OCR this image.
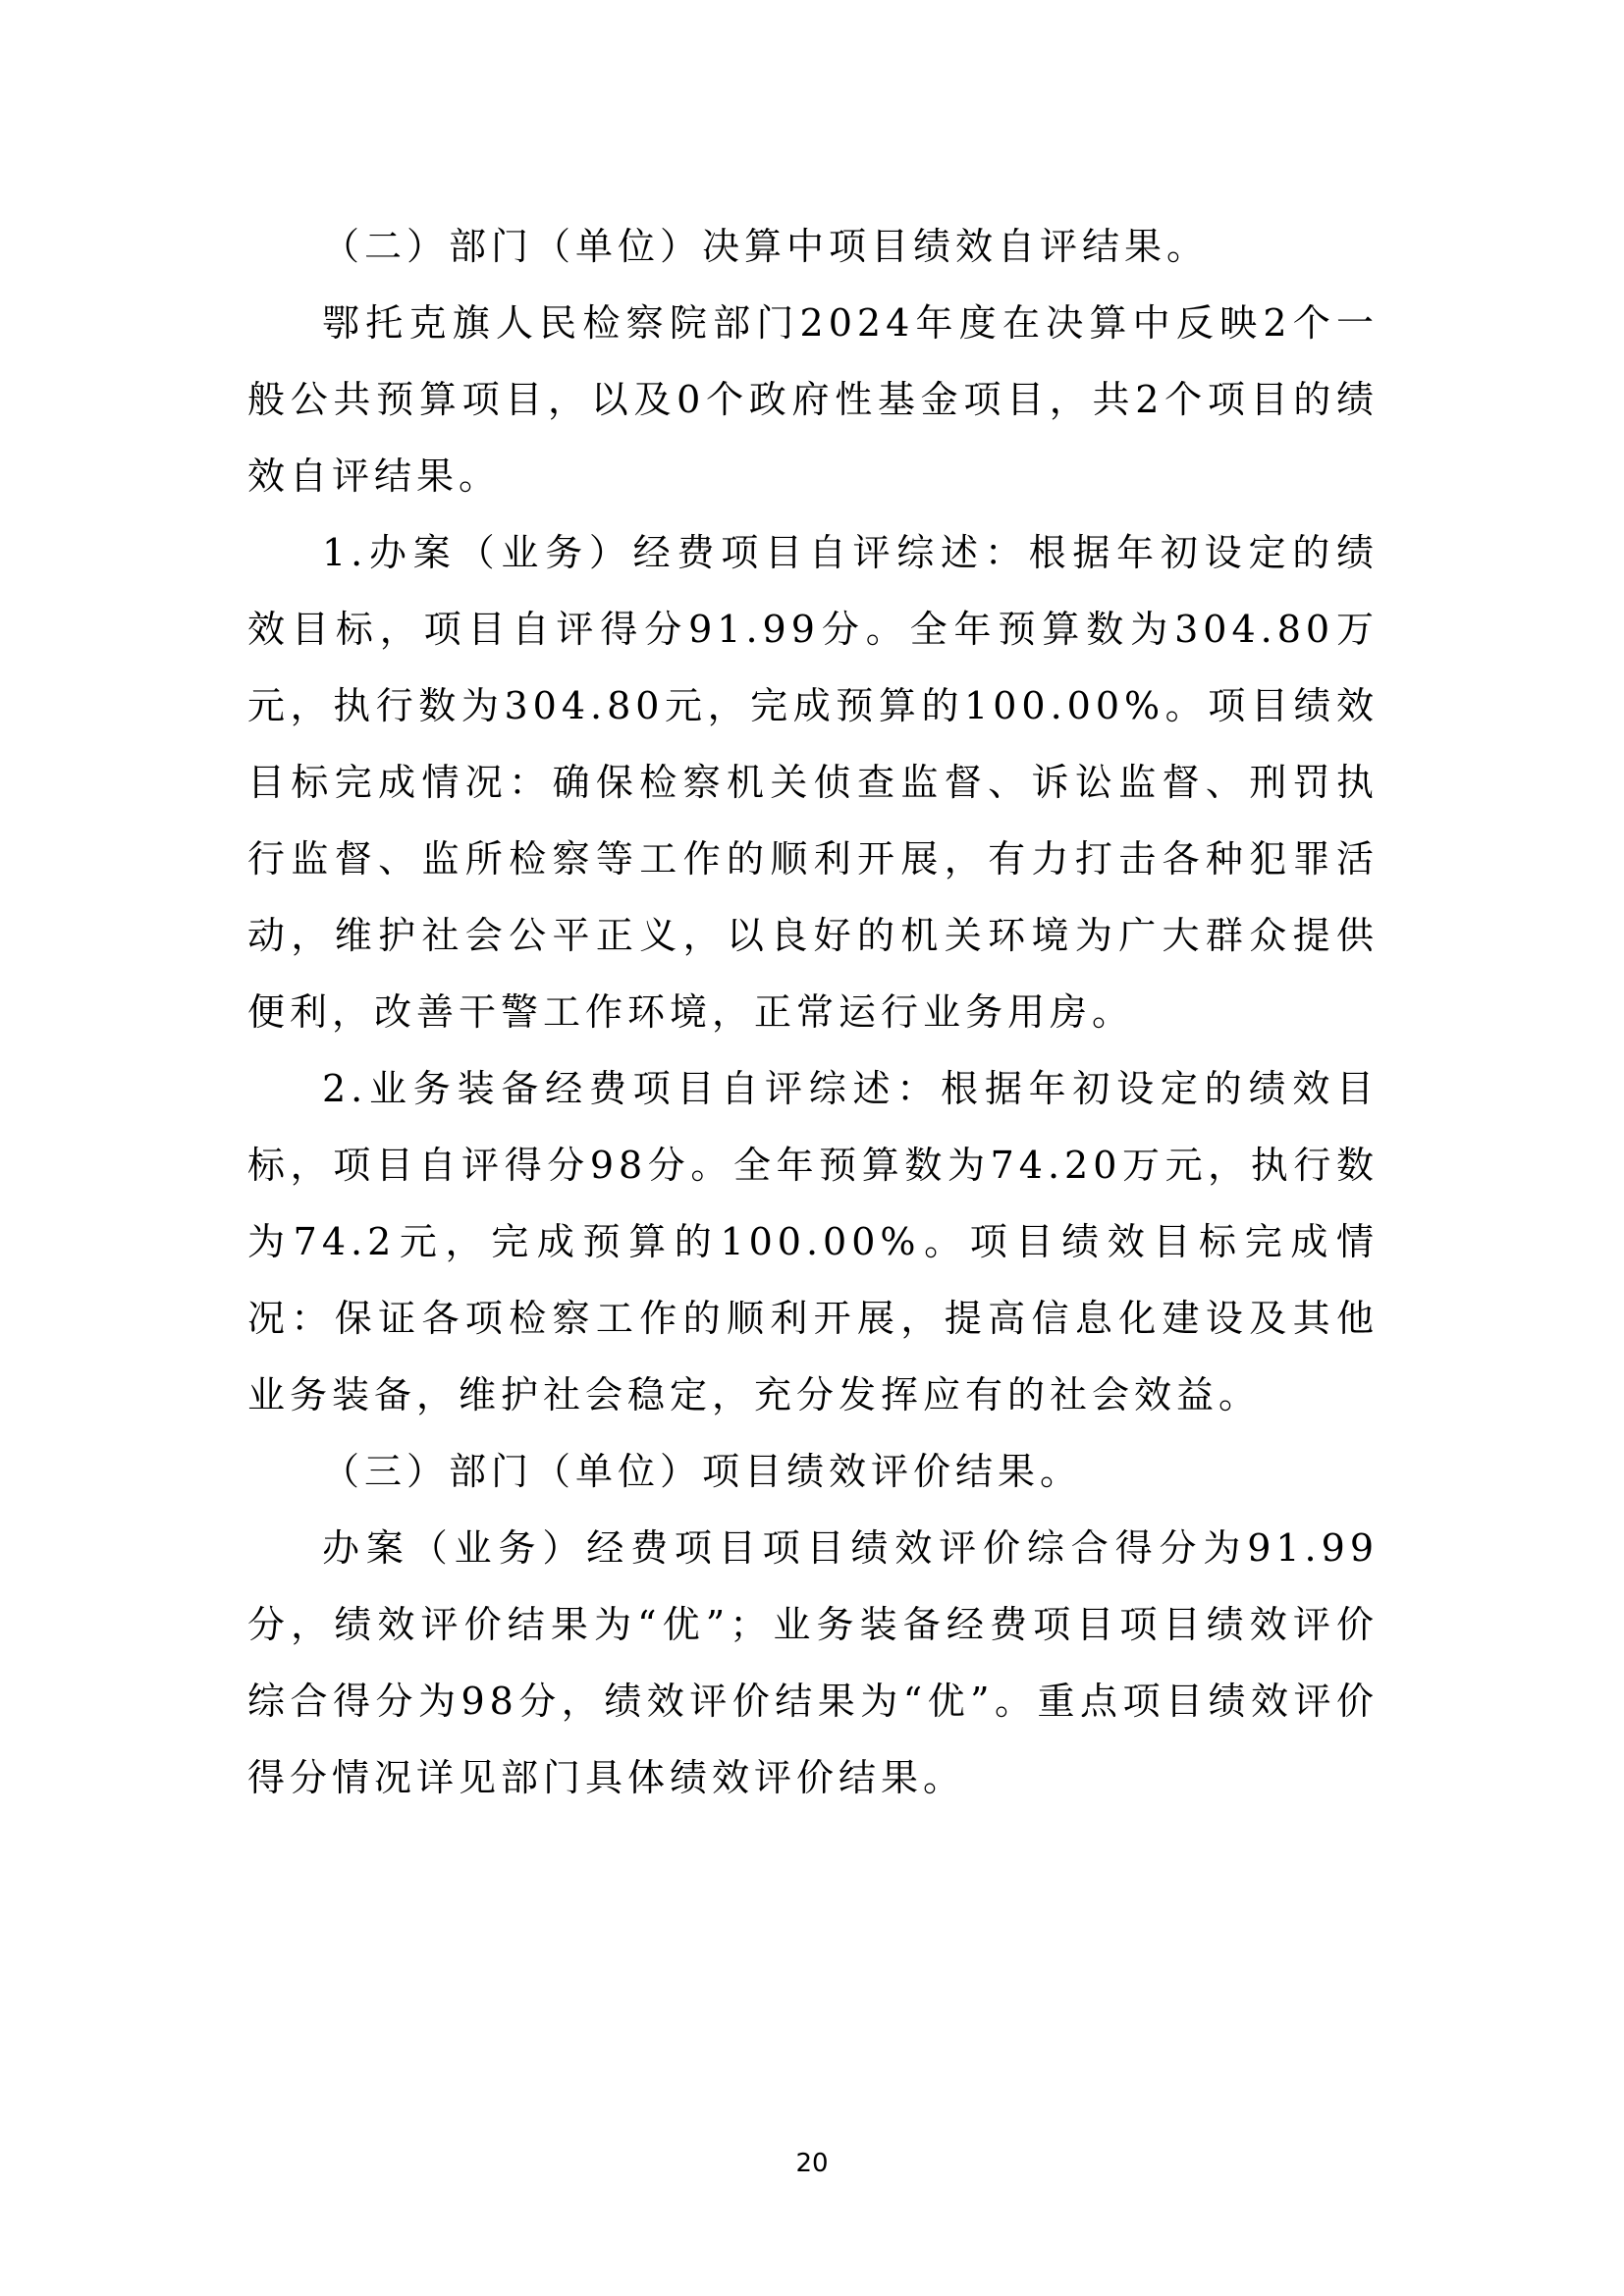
（二）部门（单位）决算中项目绩效自评结果。

鄂托克旗人民检察院部门2024年度在决算中反映2个一般公共预算项目，以及0个政府性基金项目，共2个项目的绩效自评结果。

1.办案（业务）经费项目自评综述：根据年初设定的绩效目标，项目自评得分91.99分。全年预算数为304.80万元，执行数为304.80元，完成预算的100.00%。项目绩效目标完成情况：确保检察机关侦查监督、诉讼监督、刑罚执行监督、监所检察等工作的顺利开展，有力打击各种犯罪活动，维护社会公平正义，以良好的机关环境为广大群众提供便利，改善干警工作环境，正常运行业务用房。

2.业务装备经费项目自评综述：根据年初设定的绩效目标，项目自评得分98分。全年预算数为74.20万元，执行数为74.2元，完成预算的100.00%。项目绩效目标完成情况：保证各项检察工作的顺利开展，提高信息化建设及其他业务装备，维护社会稳定，充分发挥应有的社会效益。

（三）部门（单位）项目绩效评价结果。

办案（业务）经费项目项目绩效评价综合得分为91.99分，绩效评价结果为“优”；业务装备经费项目项目绩效评价综合得分为98分，绩效评价结果为“优”。重点项目绩效评价得分情况详见部门具体绩效评价结果。

20
